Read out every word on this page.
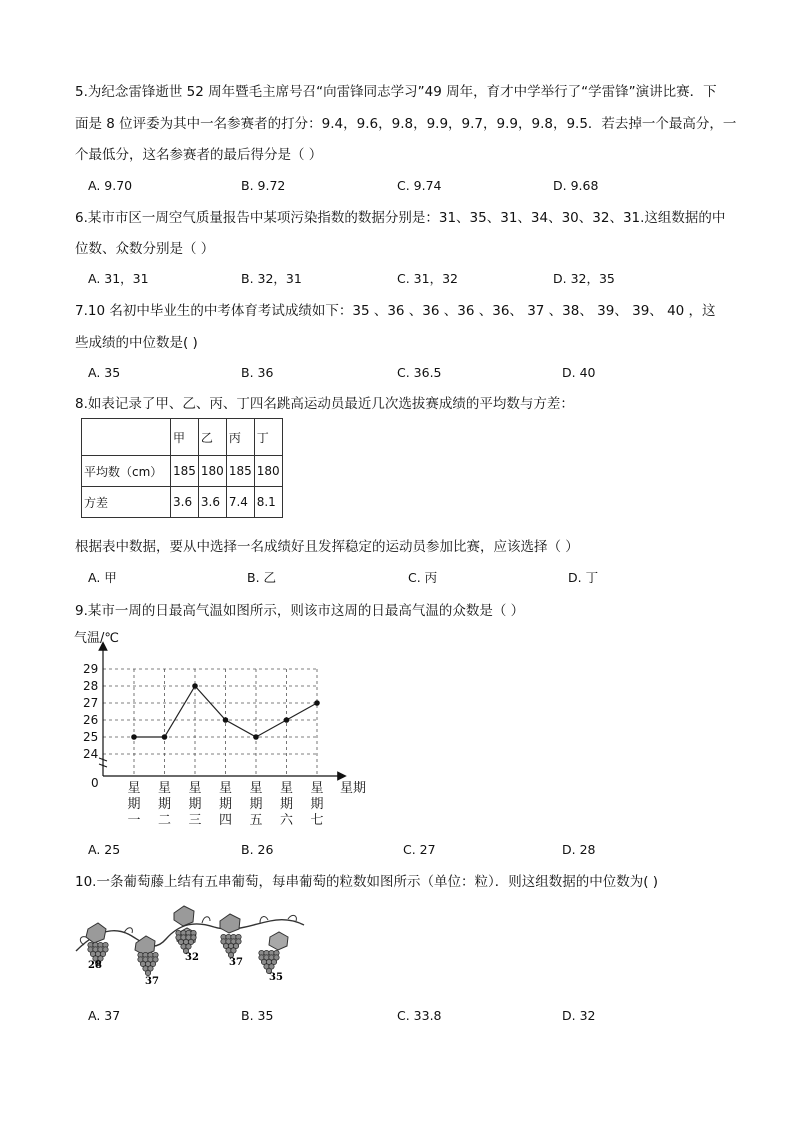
5.为纪念雷锋逝世 52 周年暨毛主席号召“向雷锋同志学习”49 周年，育才中学举行了“学雷锋”演讲比赛．下
面是 8 位评委为其中一名参赛者的打分：9.4，9.6，9.8，9.9，9.7，9.9，9.8，9.5．若去掉一个最高分，一
个最低分，这名参赛者的最后得分是（ ）
A. 9.70	B. 9.72	C. 9.74	D. 9.68
6.某市市区一周空气质量报告中某项污染指数的数据分别是：31、35、31、34、30、32、31.这组数据的中
位数、众数分别是（ ）
A. 31，31	B. 32，31	C. 31，32	D. 32，35
7.10 名初中毕业生的中考体育考试成绩如下：35 、36 、36 、36 、36、 37 、38、 39、 39、 40 ，这
些成绩的中位数是( )
A. 35	B. 36	C. 36.5	D. 40
8.如表记录了甲、乙、丙、丁四名跳高运动员最近几次选拔赛成绩的平均数与方差：
	甲	乙	丙	丁
平均数（cm）	185	180	185	180
方差	3.6	3.6	7.4	8.1
根据表中数据，要从中选择一名成绩好且发挥稳定的运动员参加比赛，应该选择（ ）
A. 甲	B. 乙	C. 丙	D. 丁
9.某市一周的日最高气温如图所示，则该市这周的日最高气温的众数是（ ）
气温/℃
星期
0
24
25
26
27
28
29
星期一
星期二
星期三
星期四
星期五
星期六
星期七
A. 25	B. 26	C. 27	D. 28
10.一条葡萄藤上结有五串葡萄，每串葡萄的粒数如图所示（单位：粒）．则这组数据的中位数为( )
28
37
32	37
35
A. 37	B. 35	C. 33.8	D. 32
